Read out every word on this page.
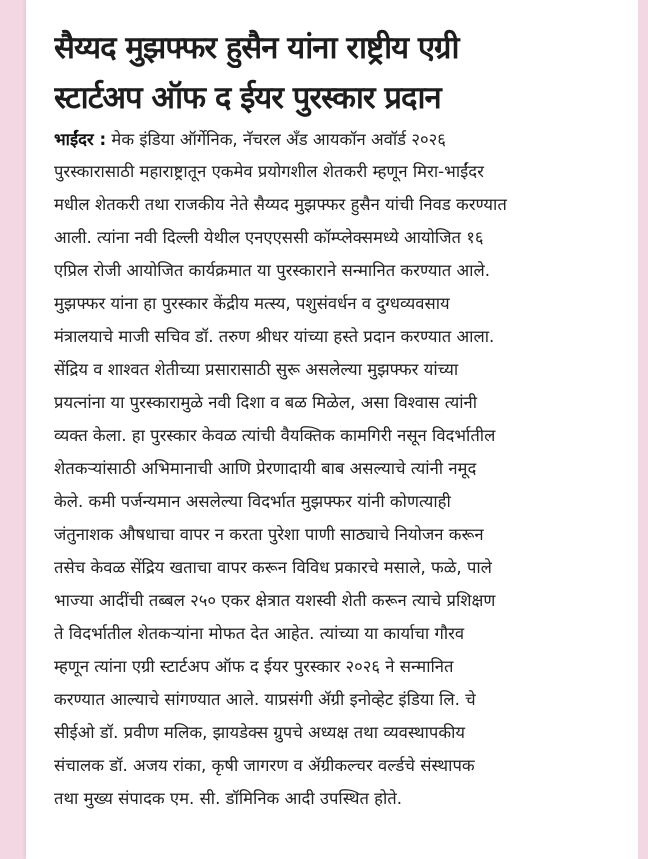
सैय्यद मुझफ्फर हुसैन यांना राष्ट्रीय एग्री
स्टार्टअप ऑफ द ईयर पुरस्कार प्रदान

भाईंदर : मेक इंडिया ऑर्गेनिक, नॅचरल अँड आयकॉन अवॉर्ड २०२६

पुरस्कारासाठी महाराष्ट्रातून एकमेव प्रयोगशील शेतकरी म्हणून मिरा-भाईंदर

मधील शेतकरी तथा राजकीय नेते सैय्यद मुझफ्फर हुसैन यांची निवड करण्यात

आली. त्यांना नवी दिल्ली येथील एनएएससी कॉम्प्लेक्समध्ये आयोजित १६

एप्रिल रोजी आयोजित कार्यक्रमात या पुरस्काराने सन्मानित करण्यात आले.

मुझफ्फर यांना हा पुरस्कार केंद्रीय मत्स्य, पशुसंवर्धन व दुग्धव्यवसाय

मंत्रालयाचे माजी सचिव डॉ. तरुण श्रीधर यांच्या हस्ते प्रदान करण्यात आला.

सेंद्रिय व शाश्वत शेतीच्या प्रसारासाठी सुरू असलेल्या मुझफ्फर यांच्या

प्रयत्नांना या पुरस्कारामुळे नवी दिशा व बळ मिळेल, असा विश्वास त्यांनी

व्यक्त केला. हा पुरस्कार केवळ त्यांची वैयक्तिक कामगिरी नसून विदर्भातील

शेतकऱ्यांसाठी अभिमानाची आणि प्रेरणादायी बाब असल्याचे त्यांनी नमूद

केले. कमी पर्जन्यमान असलेल्या विदर्भात मुझफ्फर यांनी कोणत्याही

जंतुनाशक औषधाचा वापर न करता पुरेशा पाणी साठ्याचे नियोजन करून

तसेच केवळ सेंद्रिय खताचा वापर करून विविध प्रकारचे मसाले, फळे, पाले

भाज्या आदींची तब्बल २५० एकर क्षेत्रात यशस्वी शेती करून त्याचे प्रशिक्षण

ते विदर्भातील शेतकऱ्यांना मोफत देत आहेत. त्यांच्या या कार्याचा गौरव

म्हणून त्यांना एग्री स्टार्टअप ऑफ द ईयर पुरस्कार २०२६ ने सन्मानित

करण्यात आल्याचे सांगण्यात आले. याप्रसंगी ॲग्री इनोव्हेट इंडिया लि. चे

सीईओ डॉ. प्रवीण मलिक, झायडेक्स ग्रुपचे अध्यक्ष तथा व्यवस्थापकीय

संचालक डॉ. अजय रांका, कृषी जागरण व ॲग्रीकल्चर वर्ल्डचे संस्थापक

तथा मुख्य संपादक एम. सी. डॉमिनिक आदी उपस्थित होते.
